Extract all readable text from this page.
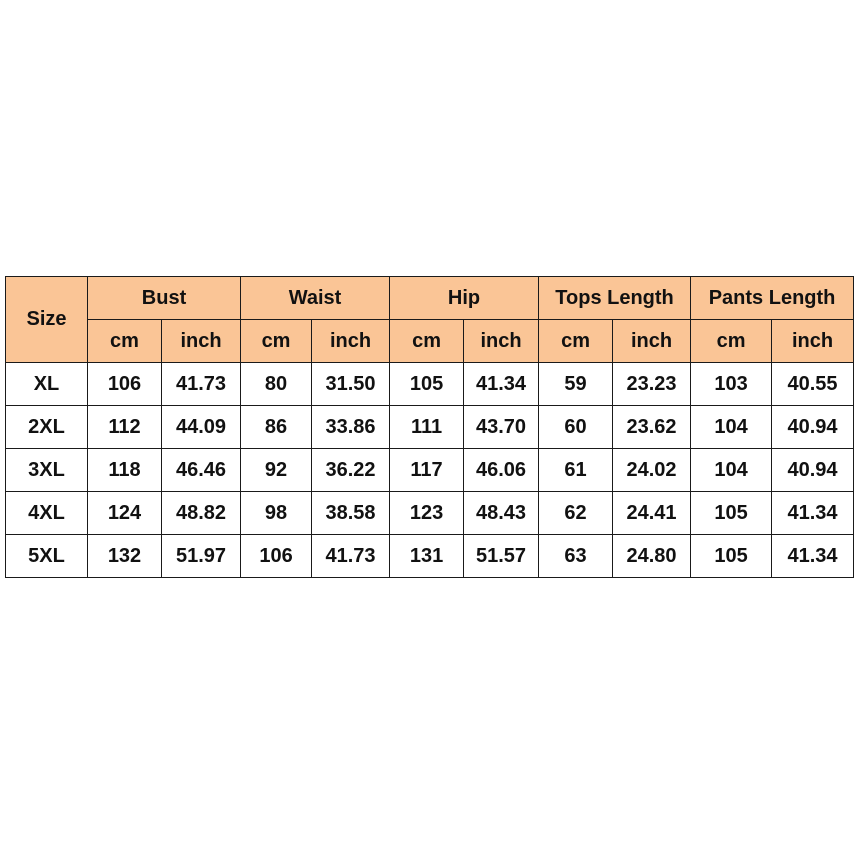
Size	Bust		Waist		Hip		Tops Length		Pants Length	
	cm	inch	cm	inch	cm	inch	cm	inch	cm	inch
XL	106	41.73	80	31.50	105	41.34	59	23.23	103	40.55
2XL	112	44.09	86	33.86	111	43.70	60	23.62	104	40.94
3XL	118	46.46	92	36.22	117	46.06	61	24.02	104	40.94
4XL	124	48.82	98	38.58	123	48.43	62	24.41	105	41.34
5XL	132	51.97	106	41.73	131	51.57	63	24.80	105	41.34
